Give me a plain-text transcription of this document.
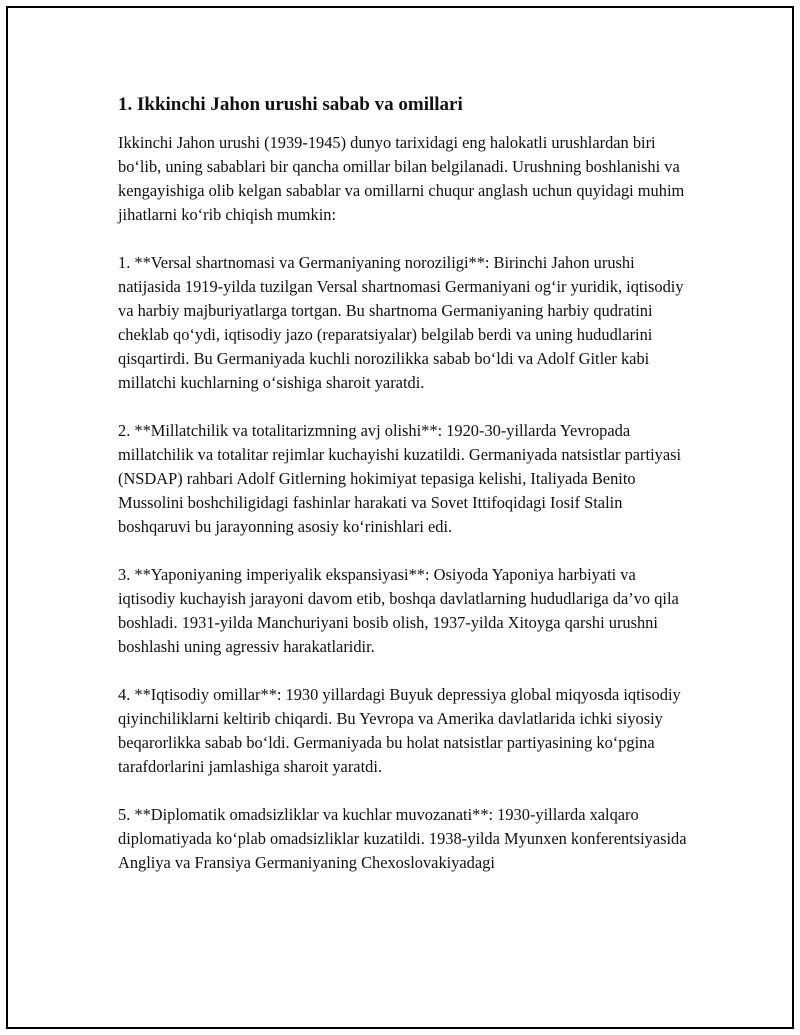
1. Ikkinchi Jahon urushi sabab va omillari

Ikkinchi Jahon urushi (1939-1945) dunyo tarixidagi eng halokatli urushlardan biri bo‘lib, uning sabablari bir qancha omillar bilan belgilanadi. Urushning boshlanishi va kengayishiga olib kelgan sabablar va omillarni chuqur anglash uchun quyidagi muhim jihatlarni ko‘rib chiqish mumkin:

1. **Versal shartnomasi va Germaniyaning noroziligi**: Birinchi Jahon urushi natijasida 1919-yilda tuzilgan Versal shartnomasi Germaniyani og‘ir yuridik, iqtisodiy va harbiy majburiyatlarga tortgan. Bu shartnoma Germaniyaning harbiy qudratini cheklab qo‘ydi, iqtisodiy jazo (reparatsiyalar) belgilab berdi va uning hududlarini qisqartirdi. Bu Germaniyada kuchli norozilikka sabab bo‘ldi va Adolf Gitler kabi millatchi kuchlarning o‘sishiga sharoit yaratdi.

2. **Millatchilik va totalitarizmning avj olishi**: 1920-30-yillarda Yevropada millatchilik va totalitar rejimlar kuchayishi kuzatildi. Germaniyada natsistlar partiyasi (NSDAP) rahbari Adolf Gitlerning hokimiyat tepasiga kelishi, Italiyada Benito Mussolini boshchiligidagi fashinlar harakati va Sovet Ittifoqidagi Iosif Stalin boshqaruvi bu jarayonning asosiy ko‘rinishlari edi.

3. **Yaponiyaning imperiyalik ekspansiyasi**: Osiyoda Yaponiya harbiyati va iqtisodiy kuchayish jarayoni davom etib, boshqa davlatlarning hududlariga da’vo qila boshladi. 1931-yilda Manchuriyani bosib olish, 1937-yilda Xitoyga qarshi urushni boshlashi uning agressiv harakatlaridir.

4. **Iqtisodiy omillar**: 1930 yillardagi Buyuk depressiya global miqyosda iqtisodiy qiyinchiliklarni keltirib chiqardi. Bu Yevropa va Amerika davlatlarida ichki siyosiy beqarorlikka sabab bo‘ldi. Germaniyada bu holat natsistlar partiyasining ko‘pgina tarafdorlarini jamlashiga sharoit yaratdi.

5. **Diplomatik omadsizliklar va kuchlar muvozanati**: 1930-yillarda xalqaro diplomatiyada ko‘plab omadsizliklar kuzatildi. 1938-yilda Myunxen konferentsiyasida Angliya va Fransiya Germaniyaning Chexoslovakiyadagi
